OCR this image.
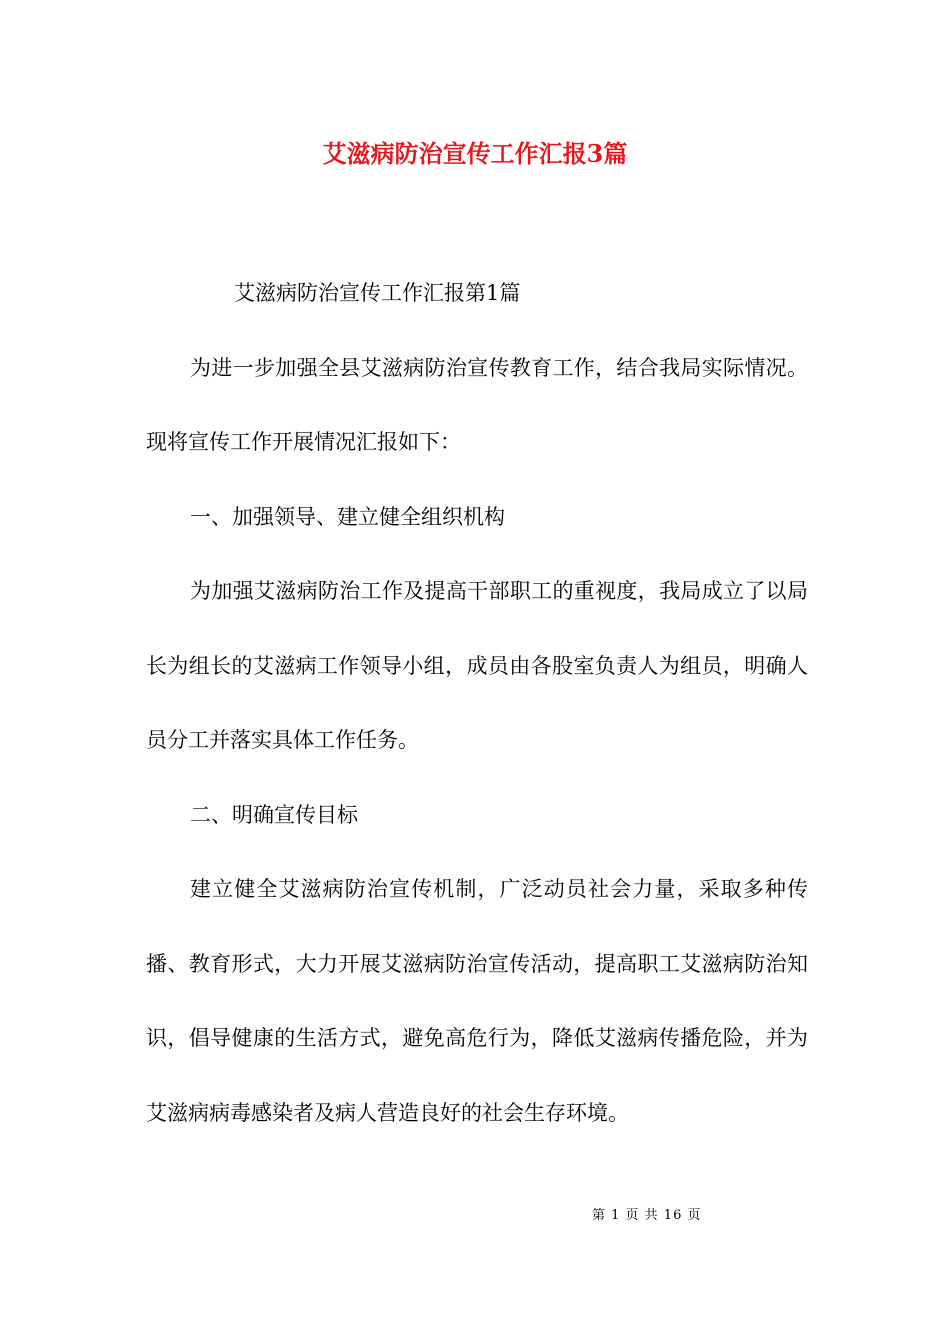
艾滋病防治宣传工作汇报3篇

艾滋病防治宣传工作汇报第1篇

为进一步加强全县艾滋病防治宣传教育工作，结合我局实际情况。现将宣传工作开展情况汇报如下：

一、加强领导、建立健全组织机构

为加强艾滋病防治工作及提高干部职工的重视度，我局成立了以局长为组长的艾滋病工作领导小组，成员由各股室负责人为组员，明确人员分工并落实具体工作任务。

二、明确宣传目标

建立健全艾滋病防治宣传机制，广泛动员社会力量，采取多种传播、教育形式，大力开展艾滋病防治宣传活动，提高职工艾滋病防治知识，倡导健康的生活方式，避免高危行为，降低艾滋病传播危险，并为艾滋病病毒感染者及病人营造良好的社会生存环境。

第 1 页 共 16 页
